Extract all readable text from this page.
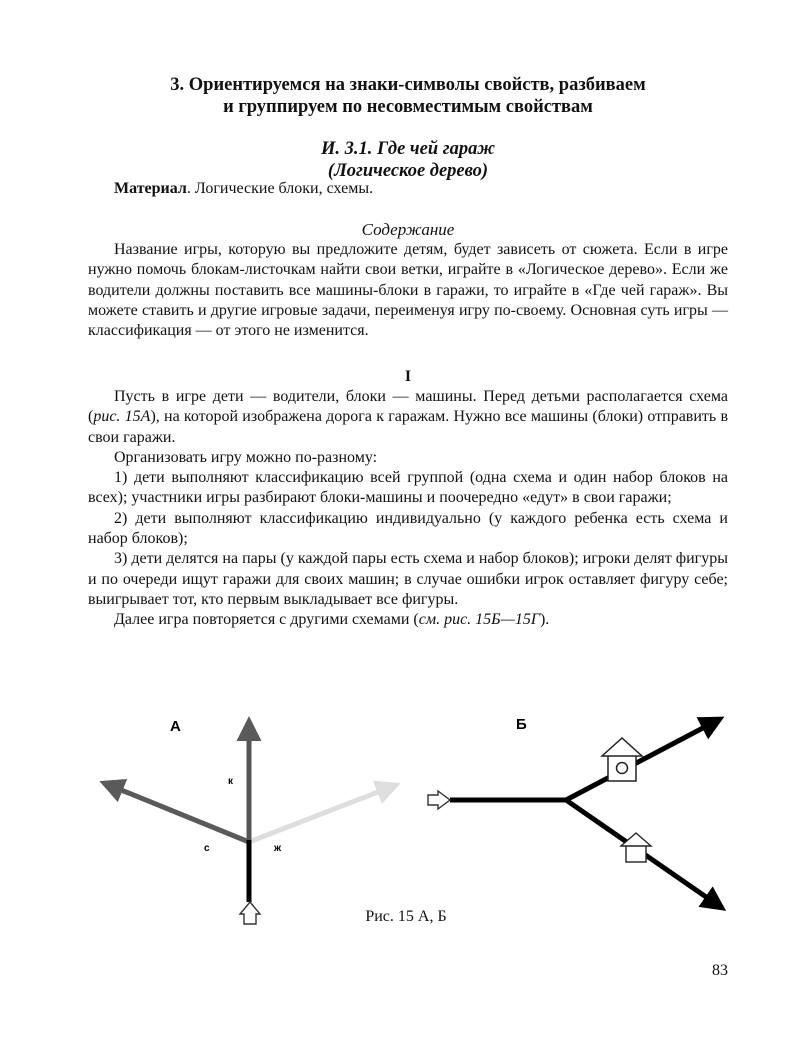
3. Ориентируемся на знаки-символы свойств, разбиваем
и группируем по несовместимым свойствам
И. 3.1. Где чей гараж
(Логическое дерево)
Материал. Логические блоки, схемы.
Содержание

Название игры, которую вы предложите детям, будет зависеть от сюжета. Если в игре нужно помочь блокам-листочкам найти свои ветки, играйте в «Логическое дерево». Если же водители должны поставить все машины-блоки в гаражи, то играйте в «Где чей гараж». Вы можете ставить и другие игровые задачи, переименуя игру по-своему. Основная суть игры — классификация — от этого не изменится.

I

Пусть в игре дети — водители, блоки — машины. Перед детьми располагается схема (рис. 15А), на которой изображена дорога к гаражам. Нужно все машины (блоки) отправить в свои гаражи.

Организовать игру можно по-разному:

1) дети выполняют классификацию всей группой (одна схема и один набор блоков на всех); участники игры разбирают блоки-машины и поочередно «едут» в свои гаражи;

2) дети выполняют классификацию индивидуально (у каждого ребенка есть схема и набор блоков);

3) дети делятся на пары (у каждой пары есть схема и набор блоков); игроки делят фигуры и по очереди ищут гаражи для своих машин; в случае ошибки игрок оставляет фигуру себе; выигрывает тот, кто первым выкладывает все фигуры.

Далее игра повторяется с другими схемами (см. рис. 15Б—15Г).

А
к
с	ж
Б
Рис. 15 А, Б
83
